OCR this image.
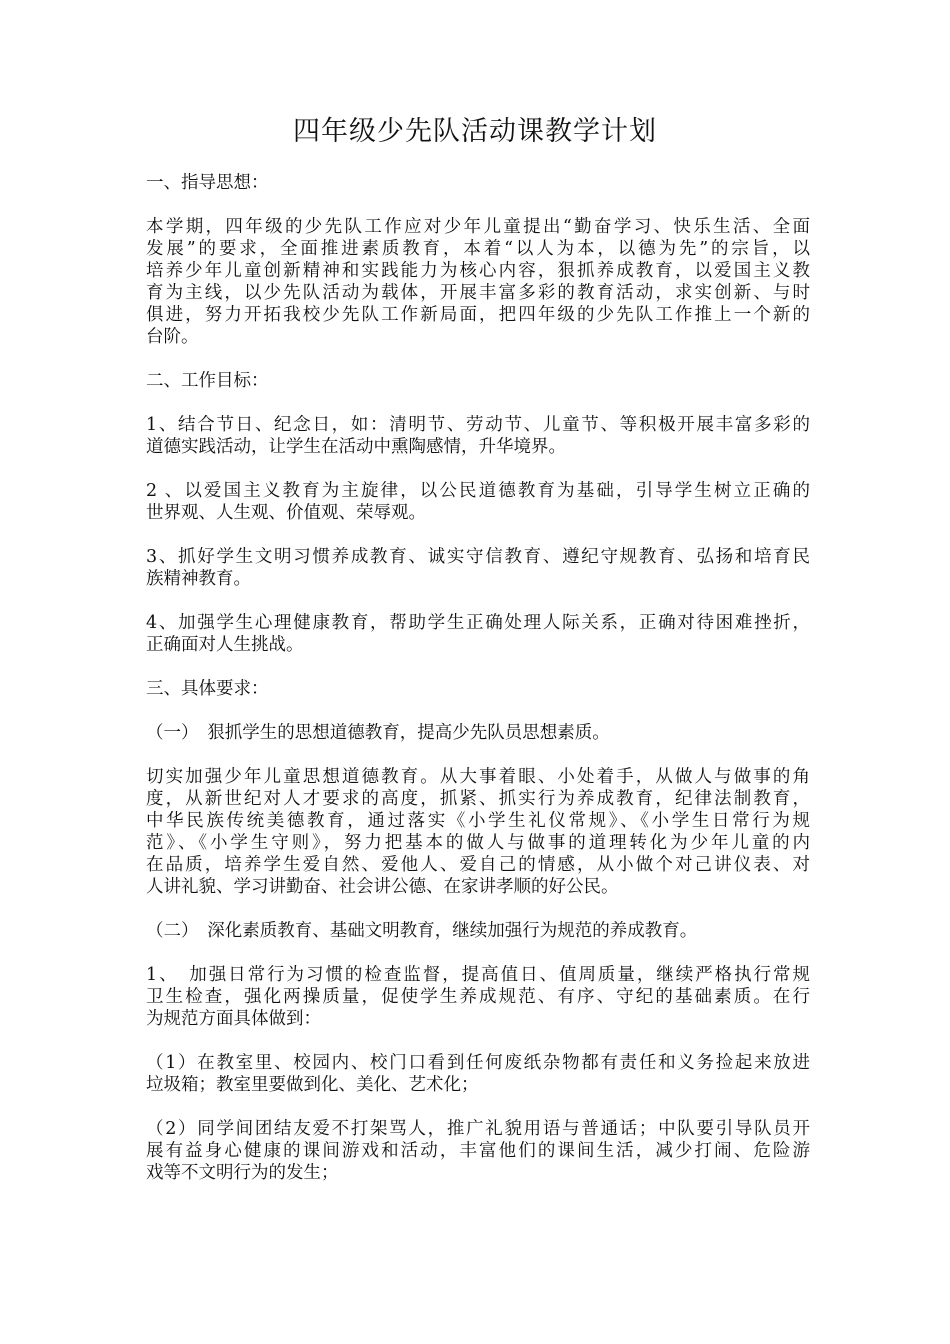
四年级少先队活动课教学计划
一、指导思想：
本学期，四年级的少先队工作应对少年儿童提出“勤奋学习、快乐生活、全面
发展”的要求，全面推进素质教育，本着“以人为本，以德为先”的宗旨，以
培养少年儿童创新精神和实践能力为核心内容，狠抓养成教育，以爱国主义教
育为主线，以少先队活动为载体，开展丰富多彩的教育活动，求实创新、与时
俱进，努力开拓我校少先队工作新局面，把四年级的少先队工作推上一个新的
台阶。
二、工作目标：
1、结合节日、纪念日，如：清明节、劳动节、儿童节、等积极开展丰富多彩的
道德实践活动，让学生在活动中熏陶感情，升华境界。
2 、以爱国主义教育为主旋律，以公民道德教育为基础，引导学生树立正确的
世界观、人生观、价值观、荣辱观。
3、抓好学生文明习惯养成教育、诚实守信教育、遵纪守规教育、弘扬和培育民
族精神教育。
4、加强学生心理健康教育，帮助学生正确处理人际关系，正确对待困难挫折，
正确面对人生挑战。
三、具体要求：
（一）　狠抓学生的思想道德教育，提高少先队员思想素质。
切实加强少年儿童思想道德教育。从大事着眼、小处着手，从做人与做事的角
度，从新世纪对人才要求的高度，抓紧、抓实行为养成教育，纪律法制教育，
中华民族传统美德教育，通过落实《小学生礼仪常规》、《小学生日常行为规
范》、《小学生守则》，努力把基本的做人与做事的道理转化为少年儿童的内
在品质，培养学生爱自然、爱他人、爱自己的情感，从小做个对己讲仪表、对
人讲礼貌、学习讲勤奋、社会讲公德、在家讲孝顺的好公民。
（二）　深化素质教育、基础文明教育，继续加强行为规范的养成教育。
1、　加强日常行为习惯的检查监督，提高值日、值周质量，继续严格执行常规
卫生检查，强化两操质量，促使学生养成规范、有序、守纪的基础素质。在行
为规范方面具体做到：
（1）在教室里、校园内、校门口看到任何废纸杂物都有责任和义务捡起来放进
垃圾箱；教室里要做到化、美化、艺术化；
（2）同学间团结友爱不打架骂人，推广礼貌用语与普通话；中队要引导队员开
展有益身心健康的课间游戏和活动，丰富他们的课间生活，减少打闹、危险游
戏等不文明行为的发生；
